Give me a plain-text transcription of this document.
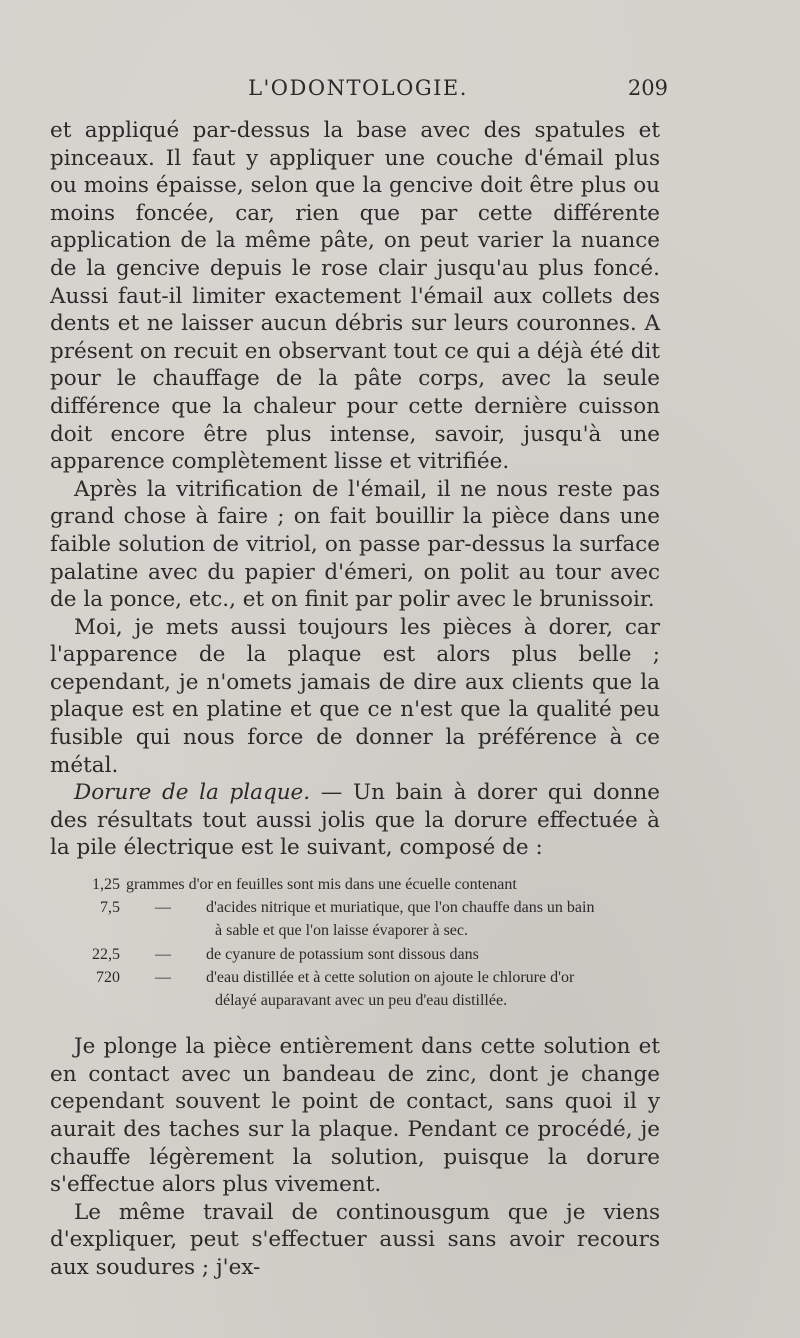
L'ODONTOLOGIE.	209

et appliqué par-dessus la base avec des spatules et pinceaux. Il faut y appliquer une couche d'émail plus ou moins épaisse, selon que la gencive doit être plus ou moins foncée, car, rien que par cette différente application de la même pâte, on peut varier la nuance de la gencive depuis le rose clair jusqu'au plus foncé. Aussi faut-il limiter exactement l'émail aux collets des dents et ne laisser aucun débris sur leurs couronnes. A présent on recuit en observant tout ce qui a déjà été dit pour le chauffage de la pâte corps, avec la seule différence que la chaleur pour cette dernière cuisson doit encore être plus intense, savoir, jusqu'à une apparence complètement lisse et vitrifiée.

Après la vitrification de l'émail, il ne nous reste pas grand chose à faire ; on fait bouillir la pièce dans une faible solution de vitriol, on passe par-dessus la surface palatine avec du papier d'émeri, on polit au tour avec de la ponce, etc., et on finit par polir avec le brunissoir.

Moi, je mets aussi toujours les pièces à dorer, car l'apparence de la plaque est alors plus belle ; cependant, je n'omets jamais de dire aux clients que la plaque est en platine et que ce n'est que la qualité peu fusible qui nous force de donner la préférence à ce métal.

Dorure de la plaque. — Un bain à dorer qui donne des résultats tout aussi jolis que la dorure effectuée à la pile électrique est le suivant, composé de :

1,25 grammes d'or en feuilles sont mis dans une écuelle contenant
7,5	—	d'acides nitrique et muriatique, que l'on chauffe dans un bain
à sable et que l'on laisse évaporer à sec.
22,5	—	de cyanure de potassium sont dissous dans
720	—	d'eau distillée et à cette solution on ajoute le chlorure d'or
délayé auparavant avec un peu d'eau distillée.

Je plonge la pièce entièrement dans cette solution et en contact avec un bandeau de zinc, dont je change cependant souvent le point de contact, sans quoi il y aurait des taches sur la plaque. Pendant ce procédé, je chauffe légèrement la solution, puisque la dorure s'effectue alors plus vivement.

Le même travail de continousgum que je viens d'expliquer, peut s'effectuer aussi sans avoir recours aux soudures ; j'ex-
